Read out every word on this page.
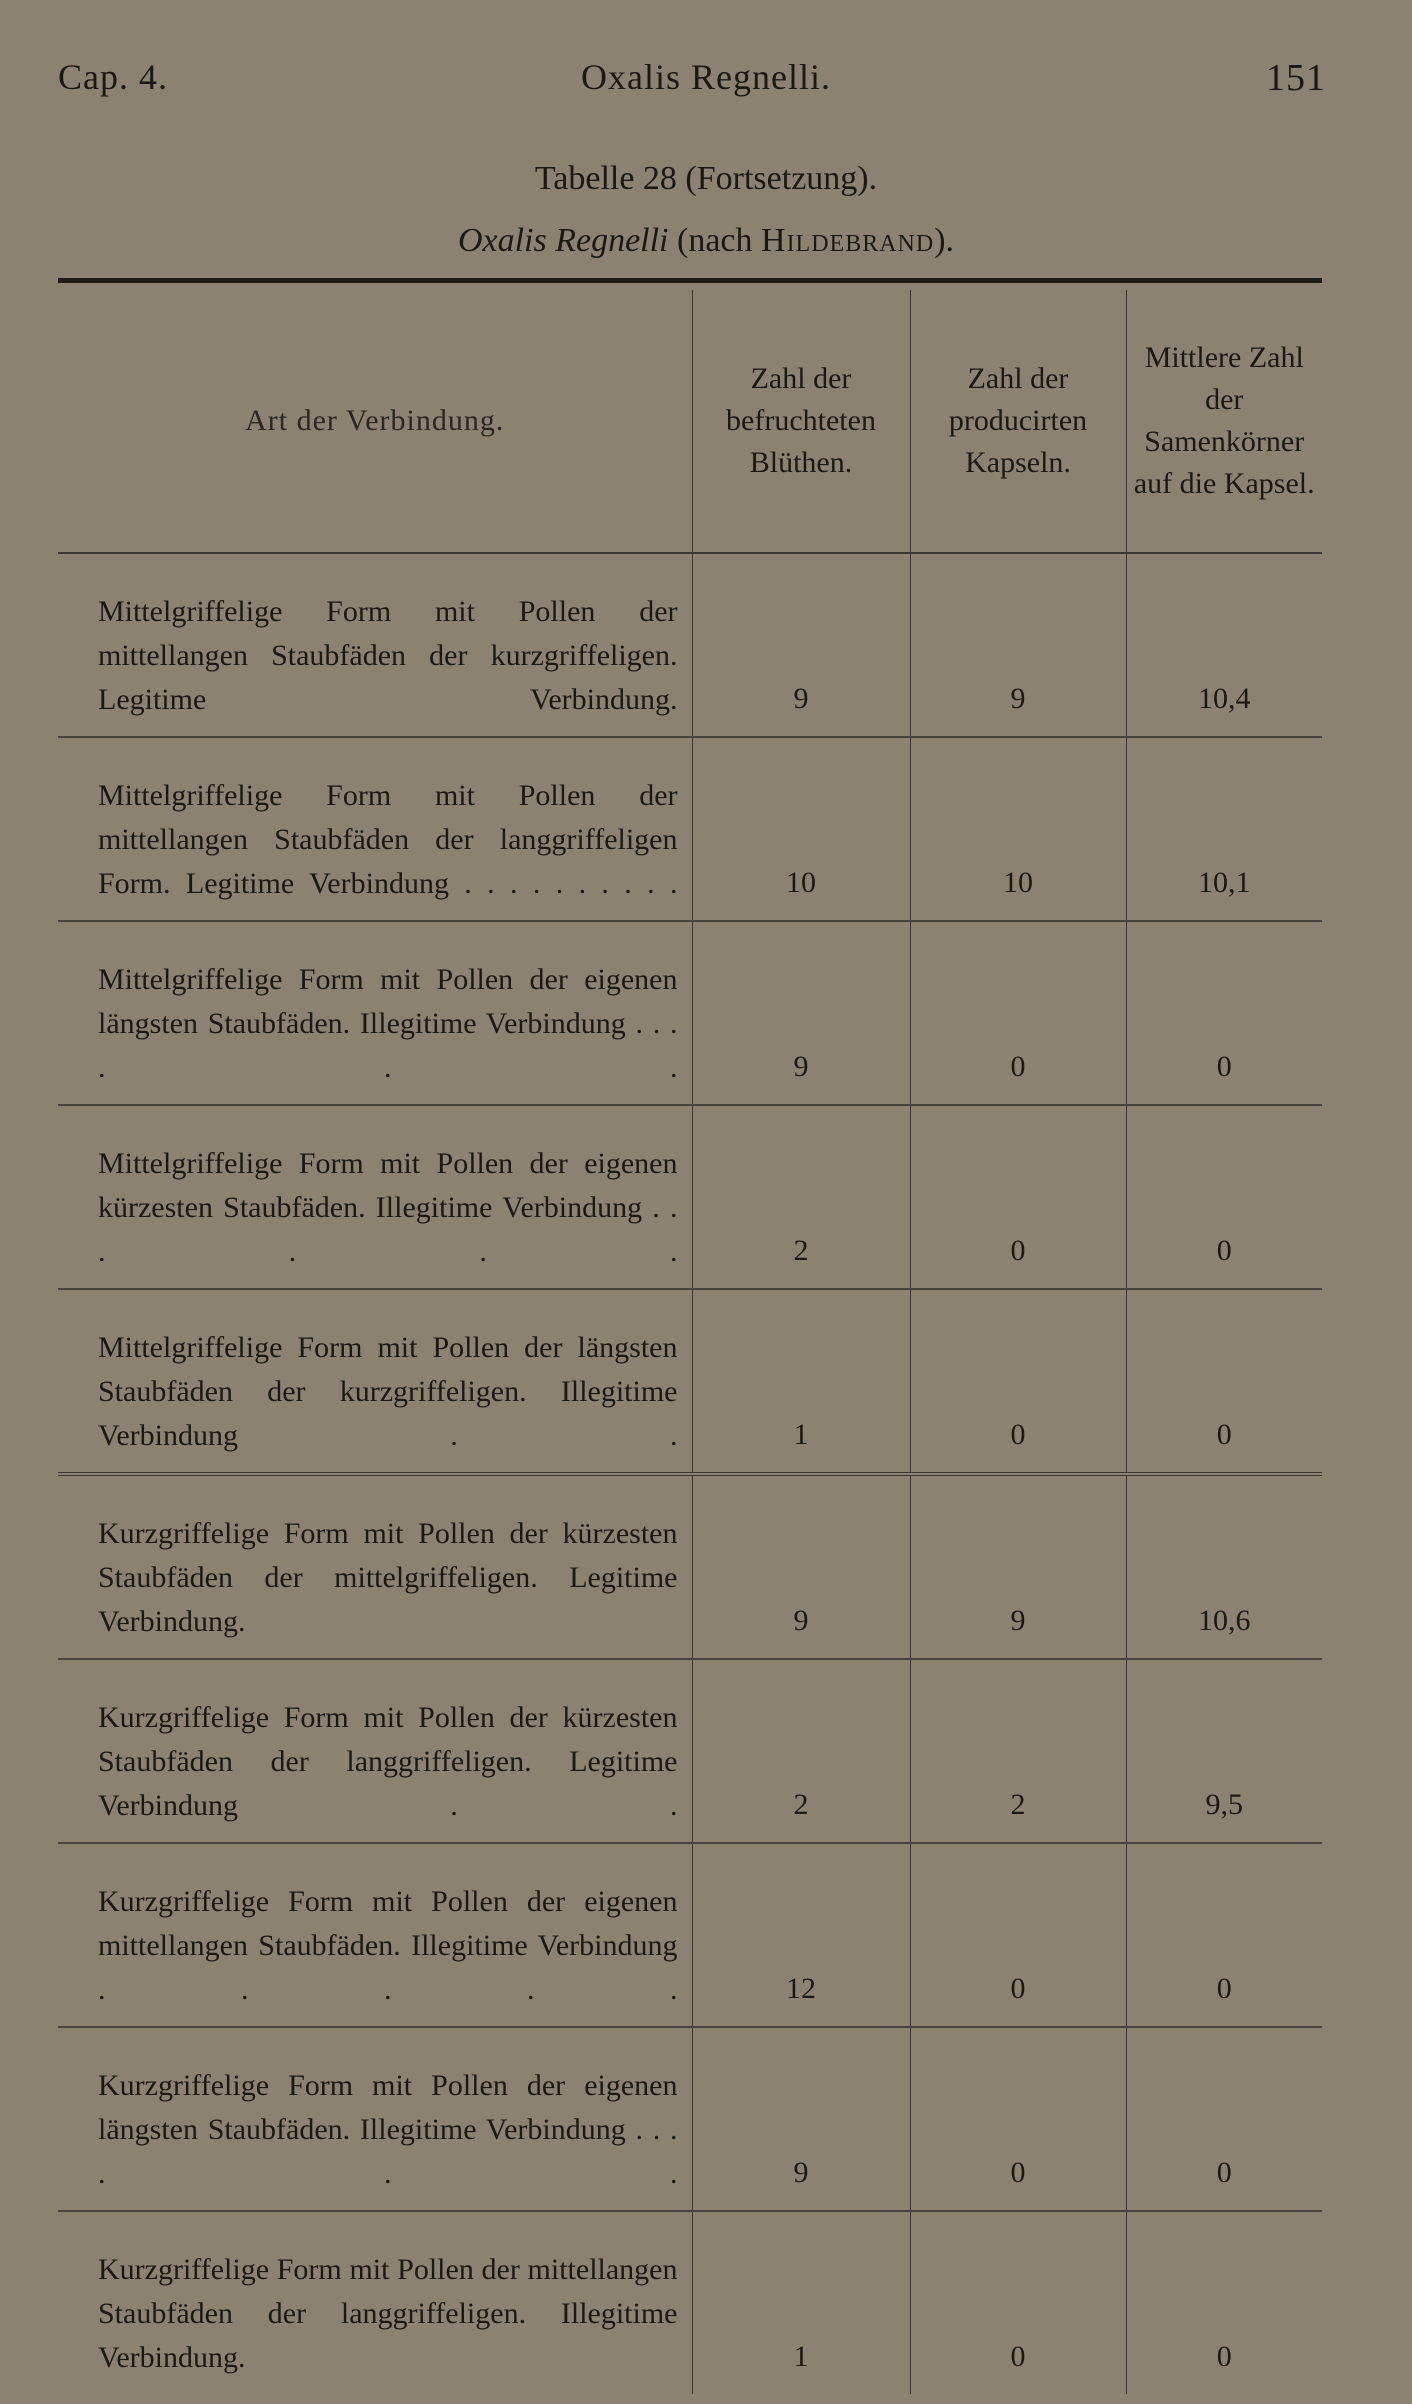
Cap. 4.	Oxalis Regnelli.	151
Tabelle 28 (Fortsetzung).
Oxalis Regnelli (nach Hildebrand).
Art der Verbindung.	Zahl der befruchteten Blüthen.	Zahl der producirten Kapseln.	Mittlere Zahl der Samenkörner auf die Kapsel.
Mittelgriffelige Form mit Pollen der mittellangen Staubfäden der kurzgriffeligen. Legitime Verbindung.	9	9	10,4
Mittelgriffelige Form mit Pollen der mittellangen Staubfäden der langgriffeligen Form. Legitime Verbindung . . . . . . . . . .	10	10	10,1
Mittelgriffelige Form mit Pollen der eigenen längsten Staubfäden. Illegitime Verbindung . . . . . .	9	0	0
Mittelgriffelige Form mit Pollen der eigenen kürzesten Staubfäden. Illegitime Verbindung . . . . . .	2	0	0
Mittelgriffelige Form mit Pollen der längsten Staubfäden der kurzgriffeligen. Illegitime Verbindung . .	1	0	0
Kurzgriffelige Form mit Pollen der kürzesten Staubfäden der mittelgriffeligen. Legitime Verbindung.	9	9	10,6
Kurzgriffelige Form mit Pollen der kürzesten Staubfäden der langgriffeligen. Legitime Verbindung . .	2	2	9,5
Kurzgriffelige Form mit Pollen der eigenen mittellangen Staubfäden. Illegitime Verbindung . . . . .	12	0	0
Kurzgriffelige Form mit Pollen der eigenen längsten Staubfäden. Illegitime Verbindung . . . . . .	9	0	0
Kurzgriffelige Form mit Pollen der mittellangen Staubfäden der langgriffeligen. Illegitime Verbindung.	1	0	0
